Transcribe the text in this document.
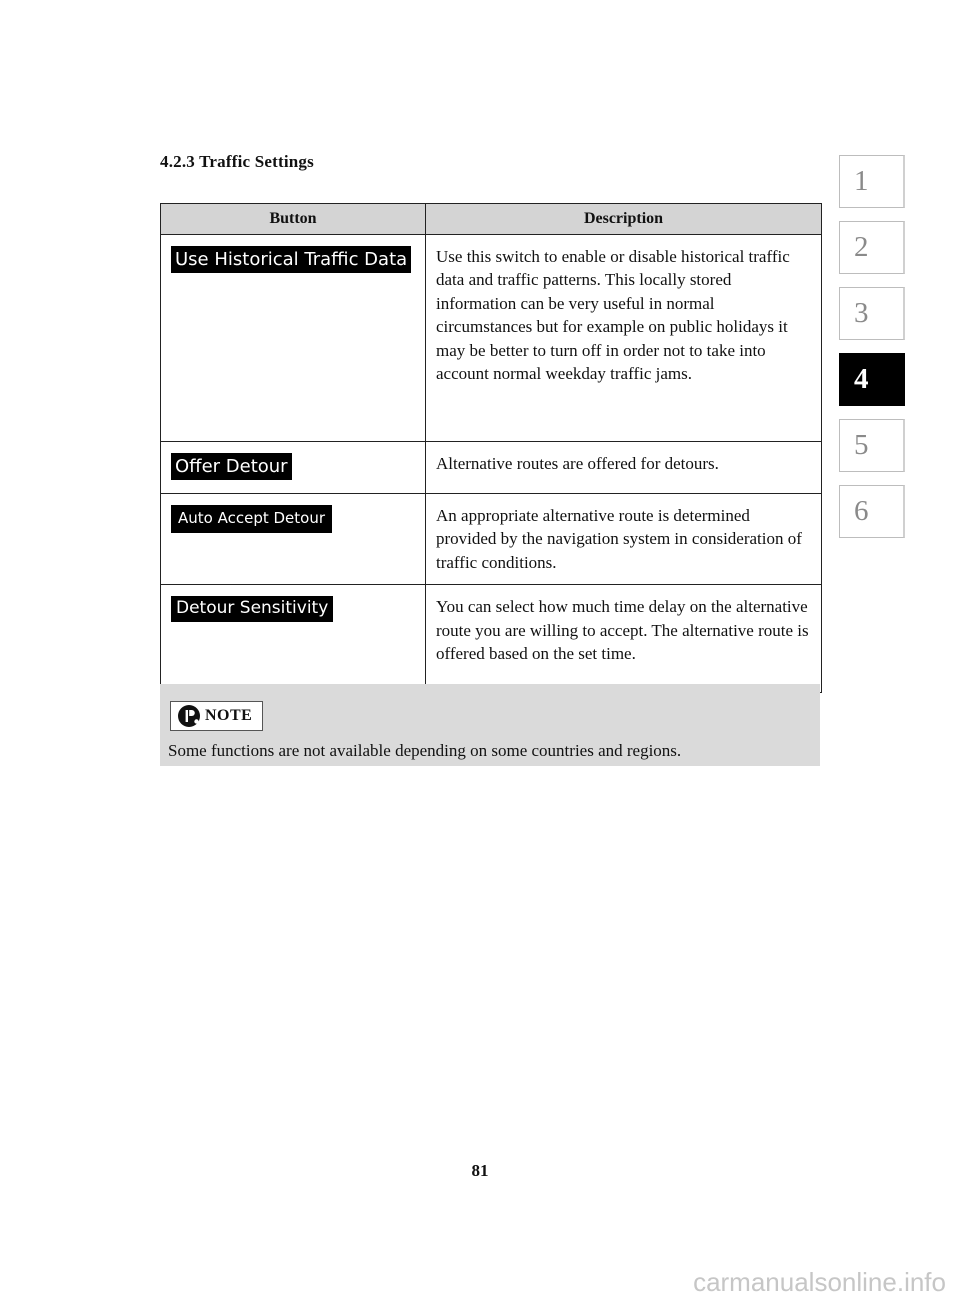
4.2.3 Traffic Settings
1
2
3
4
5
6
Button	Description
Use Historical Traffic Data	Use this switch to enable or disable historical traffic data and traffic patterns. This locally stored information can be very useful in normal circumstances but for example on public holidays it may be better to turn off in order not to take into account normal weekday traffic jams.
Offer Detour	Alternative routes are offered for detours.
Auto Accept Detour	An appropriate alternative route is determined provided by the navigation system in consideration of traffic conditions.
Detour Sensitivity	You can select how much time delay on the alternative route you are willing to accept. The alternative route is offered based on the set time.
NOTE
Some functions are not available depending on some countries and regions.
81
carmanualsonline.info
